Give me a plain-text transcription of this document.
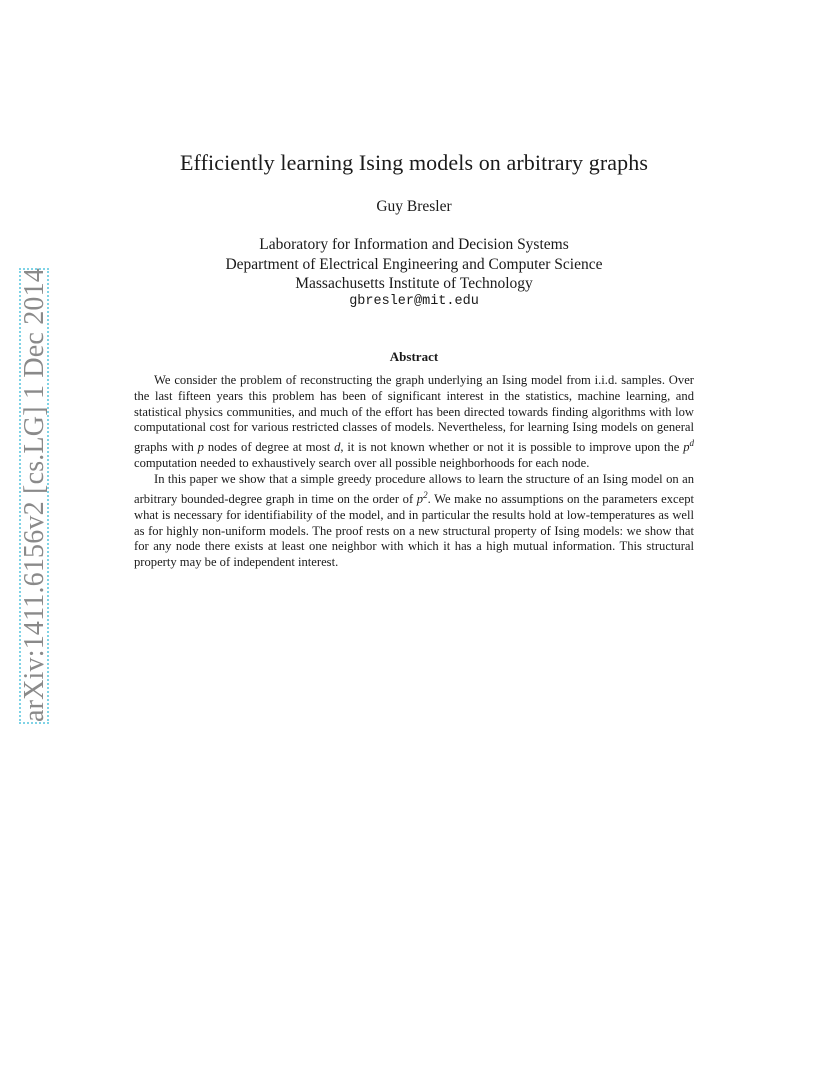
arXiv:1411.6156v2 [cs.LG] 1 Dec 2014
Efficiently learning Ising models on arbitrary graphs
Guy Bresler
Laboratory for Information and Decision Systems
Department of Electrical Engineering and Computer Science
Massachusetts Institute of Technology
gbresler@mit.edu
Abstract

We consider the problem of reconstructing the graph underlying an Ising model from i.i.d. samples. Over the last fifteen years this problem has been of significant interest in the statistics, machine learning, and statistical physics communities, and much of the effort has been directed towards finding algorithms with low computational cost for various restricted classes of models. Nevertheless, for learning Ising models on general graphs with p nodes of degree at most d, it is not known whether or not it is possible to improve upon the $p^d$ computation needed to exhaustively search over all possible neighborhoods for each node.

In this paper we show that a simple greedy procedure allows to learn the structure of an Ising model on an arbitrary bounded-degree graph in time on the order of $p^2$. We make no assumptions on the parameters except what is necessary for identifiability of the model, and in particular the results hold at low-temperatures as well as for highly non-uniform models. The proof rests on a new structural property of Ising models: we show that for any node there exists at least one neighbor with which it has a high mutual information. This structural property may be of independent interest.
